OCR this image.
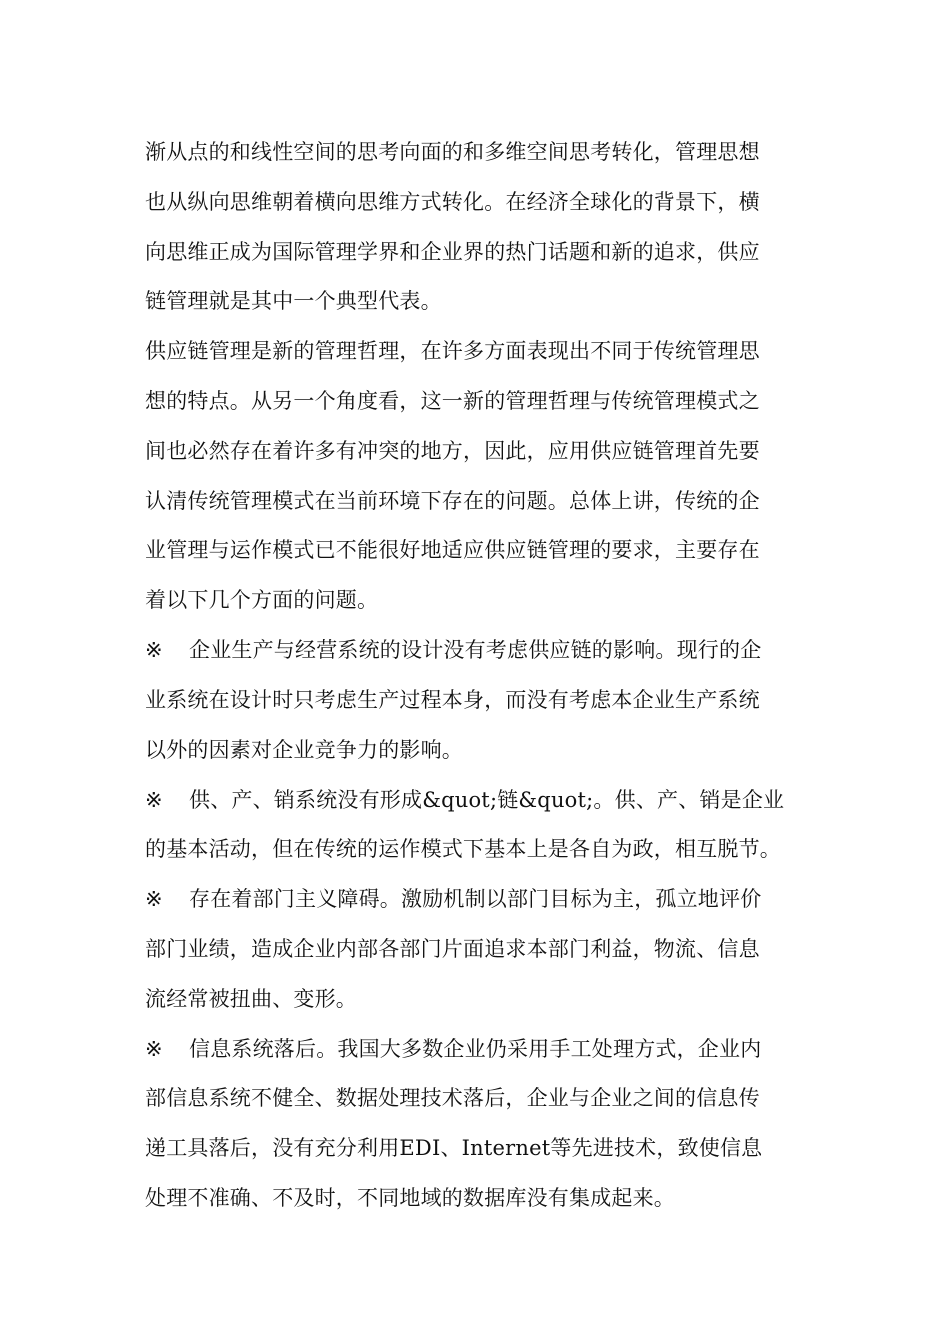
渐从点的和线性空间的思考向面的和多维空间思考转化，管理思想
也从纵向思维朝着横向思维方式转化。在经济全球化的背景下，横
向思维正成为国际管理学界和企业界的热门话题和新的追求，供应
链管理就是其中一个典型代表。
供应链管理是新的管理哲理，在许多方面表现出不同于传统管理思
想的特点。从另一个角度看，这一新的管理哲理与传统管理模式之
间也必然存在着许多有冲突的地方，因此，应用供应链管理首先要
认清传统管理模式在当前环境下存在的问题。总体上讲，传统的企
业管理与运作模式已不能很好地适应供应链管理的要求，主要存在
着以下几个方面的问题。
※ 企业生产与经营系统的设计没有考虑供应链的影响。现行的企
业系统在设计时只考虑生产过程本身，而没有考虑本企业生产系统
以外的因素对企业竞争力的影响。
※ 供、产、销系统没有形成&quot;链&quot;。供、产、销是企业
的基本活动，但在传统的运作模式下基本上是各自为政，相互脱节。
※ 存在着部门主义障碍。激励机制以部门目标为主，孤立地评价
部门业绩，造成企业内部各部门片面追求本部门利益，物流、信息
流经常被扭曲、变形。
※ 信息系统落后。我国大多数企业仍采用手工处理方式，企业内
部信息系统不健全、数据处理技术落后，企业与企业之间的信息传
递工具落后，没有充分利用EDI、Internet等先进技术，致使信息
处理不准确、不及时，不同地域的数据库没有集成起来。
